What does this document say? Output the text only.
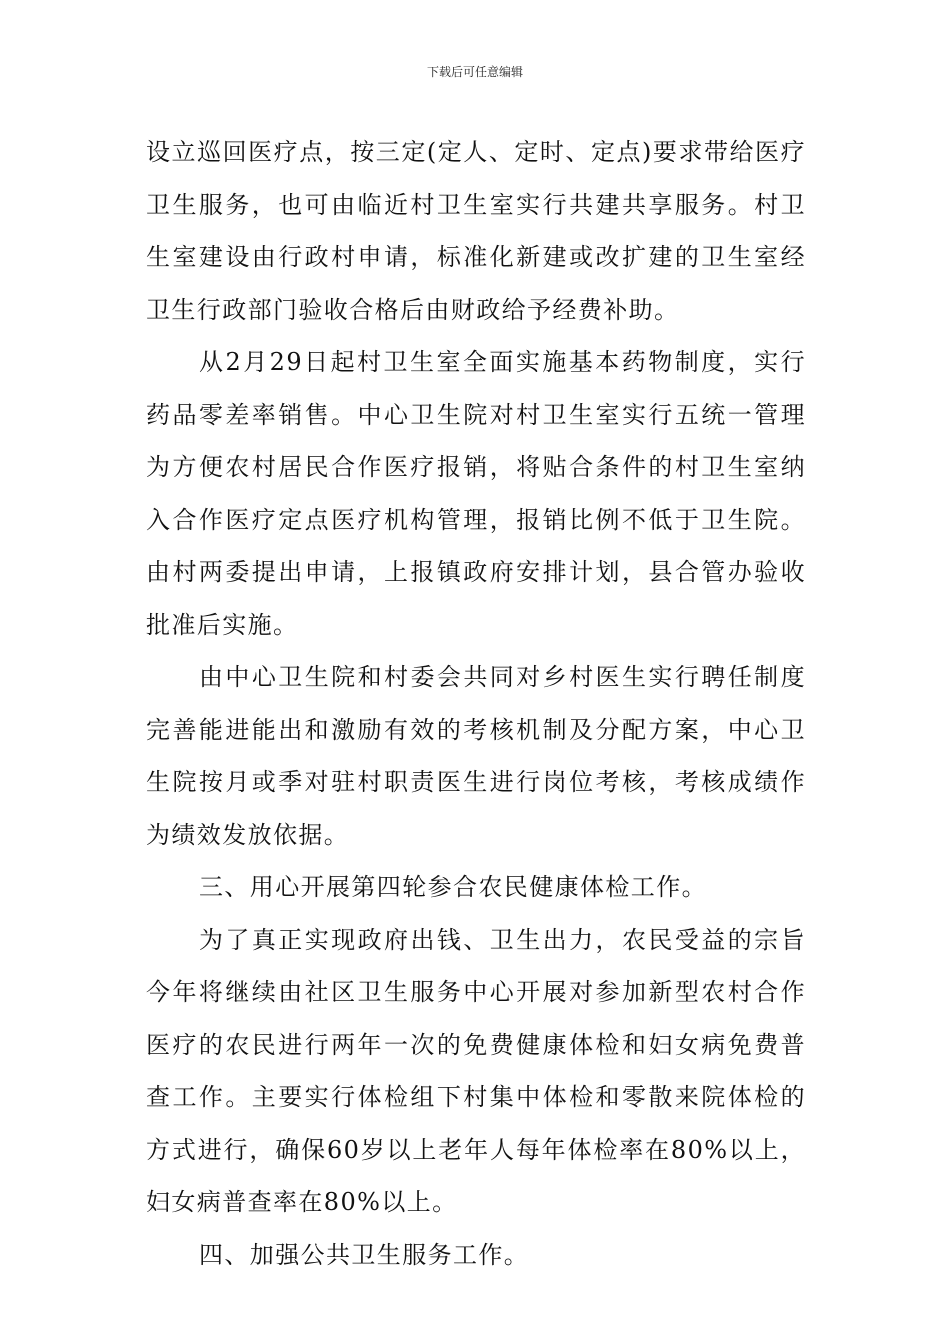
下载后可任意编辑

设立巡回医疗点，按三定(定人、定时、定点)要求带给医疗卫生服务，也可由临近村卫生室实行共建共享服务。村卫生室建设由行政村申请，标准化新建或改扩建的卫生室经卫生行政部门验收合格后由财政给予经费补助。

从2月29日起村卫生室全面实施基本药物制度，实行药品零差率销售。中心卫生院对村卫生室实行五统一管理为方便农村居民合作医疗报销，将贴合条件的村卫生室纳入合作医疗定点医疗机构管理，报销比例不低于卫生院。由村两委提出申请，上报镇政府安排计划，县合管办验收批准后实施。

由中心卫生院和村委会共同对乡村医生实行聘任制度完善能进能出和激励有效的考核机制及分配方案，中心卫生院按月或季对驻村职责医生进行岗位考核，考核成绩作为绩效发放依据。

三、用心开展第四轮参合农民健康体检工作。

为了真正实现政府出钱、卫生出力，农民受益的宗旨今年将继续由社区卫生服务中心开展对参加新型农村合作医疗的农民进行两年一次的免费健康体检和妇女病免费普查工作。主要实行体检组下村集中体检和零散来院体检的方式进行，确保60岁以上老年人每年体检率在80%以上，妇女病普查率在80%以上。

四、加强公共卫生服务工作。
